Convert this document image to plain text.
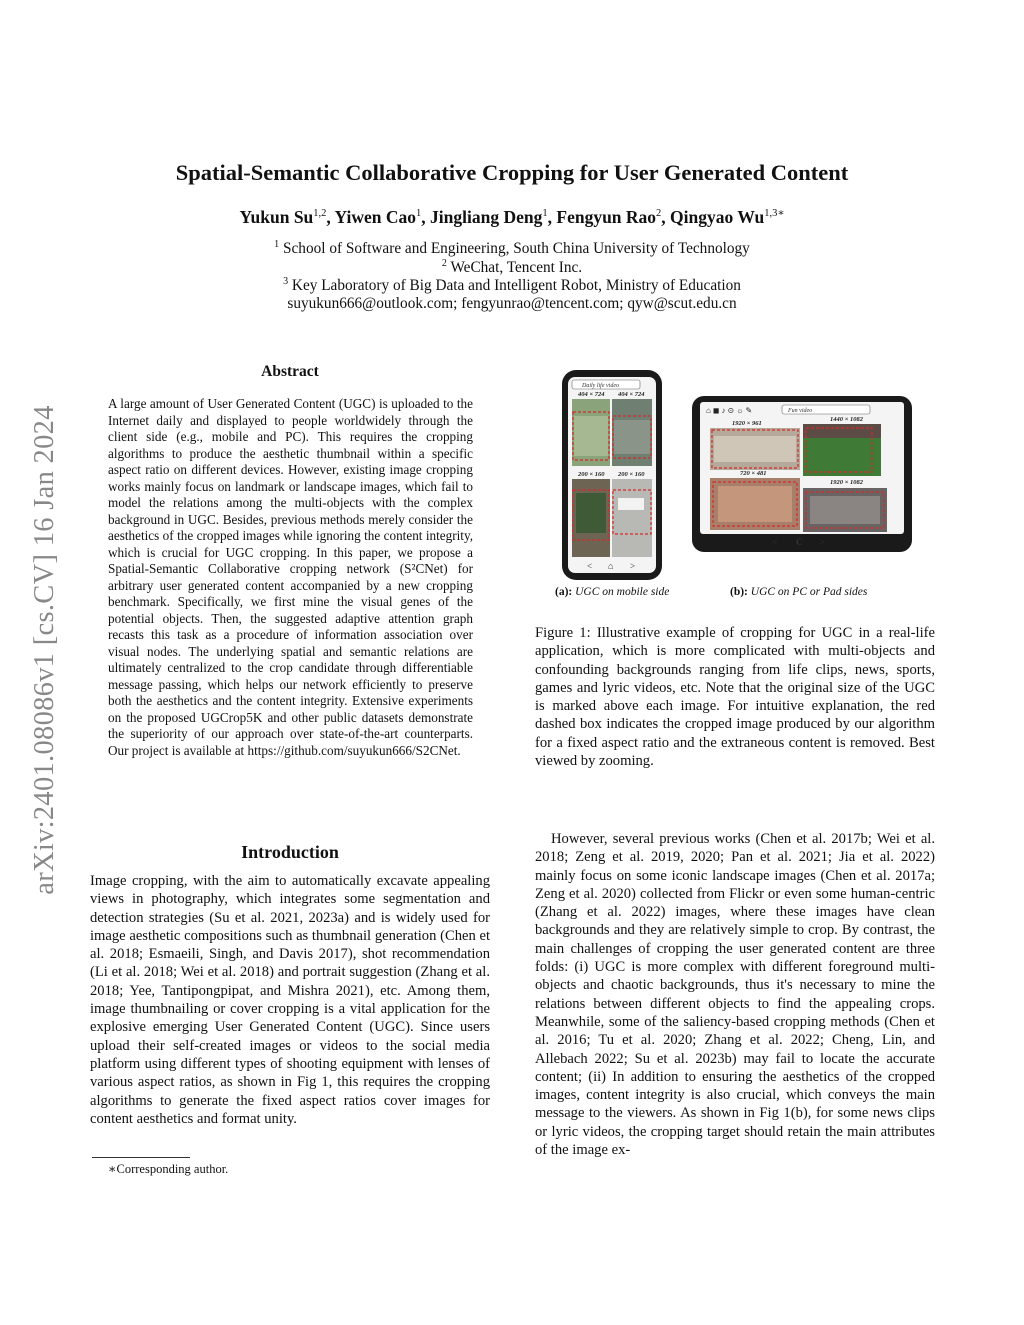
arXiv:2401.08086v1 [cs.CV] 16 Jan 2024
Spatial-Semantic Collaborative Cropping for User Generated Content
Yukun Su$^{1,2}$, Yiwen Cao$^1$, Jingliang Deng$^1$, Fengyun Rao$^2$, Qingyao $Wu^{1,3∗}$
$^1$ School of Software and Engineering, South China University of Technology
$^2$ WeChat, Tencent Inc.
$^3$ Key Laboratory of Big Data and Intelligent Robot, Ministry of Education
suyukun666@outlook.com; fengyunrao@tencent.com; qyw@scut.edu.cn
Abstract
A large amount of User Generated Content (UGC) is uploaded to the Internet daily and displayed to people worldwidely through the client side (e.g., mobile and PC). This requires the cropping algorithms to produce the aesthetic thumbnail within a specific aspect ratio on different devices. However, existing image cropping works mainly focus on landmark or landscape images, which fail to model the relations among the multi-objects with the complex background in UGC. Besides, previous methods merely consider the aesthetics of the cropped images while ignoring the content integrity, which is crucial for UGC cropping. In this paper, we propose a Spatial-Semantic Collaborative cropping network (S²CNet) for arbitrary user generated content accompanied by a new cropping benchmark. Specifically, we first mine the visual genes of the potential objects. Then, the suggested adaptive attention graph recasts this task as a procedure of information association over visual nodes. The underlying spatial and semantic relations are ultimately centralized to the crop candidate through differentiable message passing, which helps our network efficiently to preserve both the aesthetics and the content integrity. Extensive experiments on the proposed UGCrop5K and other public datasets demonstrate the superiority of our approach over state-of-the-art counterparts. Our project is available at https://github.com/suyukun666/S2CNet.
Introduction
Image cropping, with the aim to automatically excavate appealing views in photography, which integrates some segmentation and detection strategies (Su et al. 2021, 2023a) and is widely used for image aesthetic compositions such as thumbnail generation (Chen et al. 2018; Esmaeili, Singh, and Davis 2017), shot recommendation (Li et al. 2018; Wei et al. 2018) and portrait suggestion (Zhang et al. 2018; Yee, Tantipongpipat, and Mishra 2021), etc. Among them, image thumbnailing or cover cropping is a vital application for the explosive emerging User Generated Content (UGC). Since users upload their self-created images or videos to the social media platform using different types of shooting equipment with lenses of various aspect ratios, as shown in Fig 1, this requires the cropping algorithms to generate the fixed aspect ratios cover images for content aesthetics and format unity.
∗Corresponding author.
Daily life video
404 × 724 404 × 724
200 × 160 200 × 160
< ⌂ >
⌂ ◼ ♪ ⊙ ☼ ✎	Fun video
1920 × 961
1440 × 1082
720 × 481
1920 × 1082
< C >
(a): UGC on mobile side	(b): UGC on PC or Pad sides
Figure 1: Illustrative example of cropping for UGC in a real-life application, which is more complicated with multi-objects and confounding backgrounds ranging from life clips, news, sports, games and lyric videos, etc. Note that the original size of the UGC is marked above each image. For intuitive explanation, the red dashed box indicates the cropped image produced by our algorithm for a fixed aspect ratio and the extraneous content is removed. Best viewed by zooming.
However, several previous works (Chen et al. 2017b; Wei et al. 2018; Zeng et al. 2019, 2020; Pan et al. 2021; Jia et al. 2022) mainly focus on some iconic landscape images (Chen et al. 2017a; Zeng et al. 2020) collected from Flickr or even some human-centric (Zhang et al. 2022) images, where these images have clean backgrounds and they are relatively simple to crop. By contrast, the main challenges of cropping the user generated content are three folds: (i) UGC is more complex with different foreground multi-objects and chaotic backgrounds, thus it's necessary to mine the relations between different objects to find the appealing crops. Meanwhile, some of the saliency-based cropping methods (Chen et al. 2016; Tu et al. 2020; Zhang et al. 2022; Cheng, Lin, and Allebach 2022; Su et al. 2023b) may fail to locate the accurate content; (ii) In addition to ensuring the aesthetics of the cropped images, content integrity is also crucial, which conveys the main message to the viewers. As shown in Fig 1(b), for some news clips or lyric videos, the cropping target should retain the main attributes of the image ex-
